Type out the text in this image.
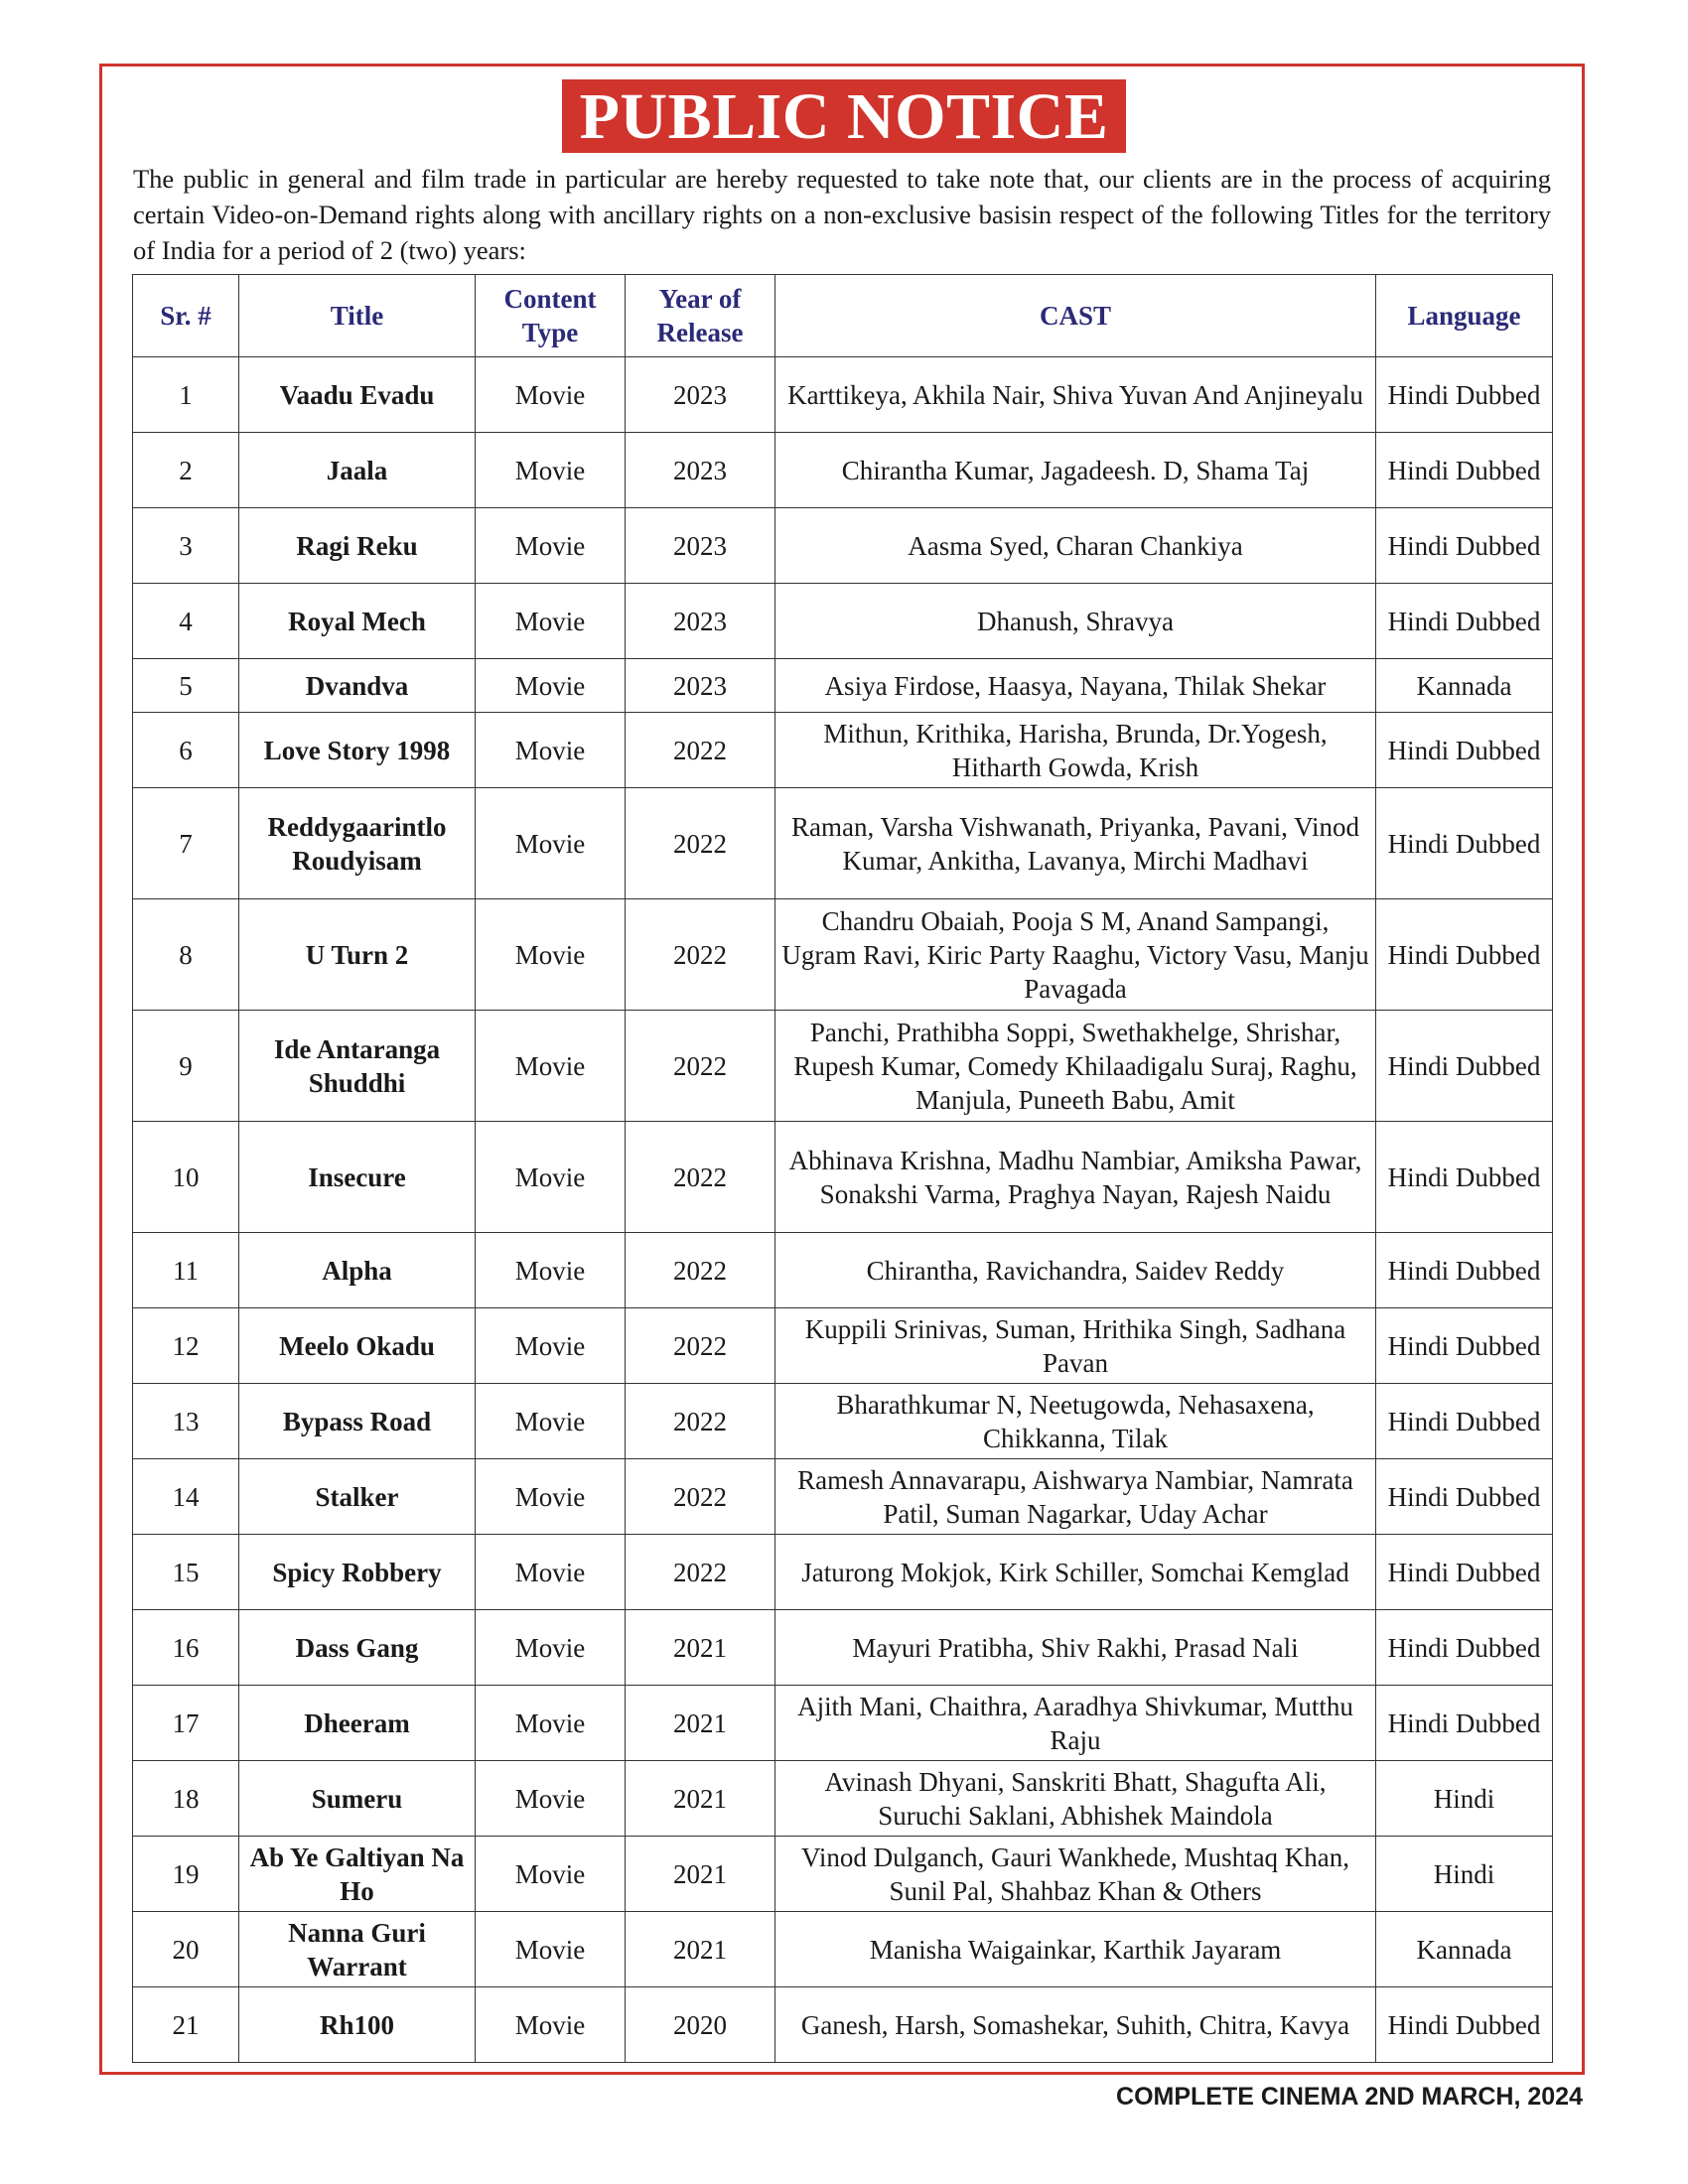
PUBLIC NOTICE

The public in general and film trade in particular are hereby requested to take note that, our clients are in the process of acquiring certain Video-on-Demand rights along with ancillary rights on a non-exclusive basisin respect of the following Titles for the territory of India for a period of 2 (two) years:

Sr. #	Title	Content Type	Year of Release	CAST	Language
1	Vaadu Evadu	Movie	2023	Karttikeya, Akhila Nair, Shiva Yuvan And Anjineyalu	Hindi Dubbed
2	Jaala	Movie	2023	Chirantha Kumar, Jagadeesh. D, Shama Taj	Hindi Dubbed
3	Ragi Reku	Movie	2023	Aasma Syed, Charan Chankiya	Hindi Dubbed
4	Royal Mech	Movie	2023	Dhanush, Shravya	Hindi Dubbed
5	Dvandva	Movie	2023	Asiya Firdose, Haasya, Nayana, Thilak Shekar	Kannada
6	Love Story 1998	Movie	2022	Mithun, Krithika, Harisha, Brunda, Dr.Yogesh, Hitharth Gowda, Krish	Hindi Dubbed
7	Reddygaarintlo Roudyisam	Movie	2022	Raman, Varsha Vishwanath, Priyanka, Pavani, Vinod Kumar, Ankitha, Lavanya, Mirchi Madhavi	Hindi Dubbed
8	U Turn 2	Movie	2022	Chandru Obaiah, Pooja S M, Anand Sampangi, Ugram Ravi, Kiric Party Raaghu, Victory Vasu, Manju Pavagada	Hindi Dubbed
9	Ide Antaranga Shuddhi	Movie	2022	Panchi, Prathibha Soppi, Swethakhelge, Shrishar, Rupesh Kumar, Comedy Khilaadigalu Suraj, Raghu, Manjula, Puneeth Babu, Amit	Hindi Dubbed
10	Insecure	Movie	2022	Abhinava Krishna, Madhu Nambiar, Amiksha Pawar, Sonakshi Varma, Praghya Nayan, Rajesh Naidu	Hindi Dubbed
11	Alpha	Movie	2022	Chirantha, Ravichandra, Saidev Reddy	Hindi Dubbed
12	Meelo Okadu	Movie	2022	Kuppili Srinivas, Suman, Hrithika Singh, Sadhana Pavan	Hindi Dubbed
13	Bypass Road	Movie	2022	Bharathkumar N, Neetugowda, Nehasaxena, Chikkanna, Tilak	Hindi Dubbed
14	Stalker	Movie	2022	Ramesh Annavarapu, Aishwarya Nambiar, Namrata Patil, Suman Nagarkar, Uday Achar	Hindi Dubbed
15	Spicy Robbery	Movie	2022	Jaturong Mokjok, Kirk Schiller, Somchai Kemglad	Hindi Dubbed
16	Dass Gang	Movie	2021	Mayuri Pratibha, Shiv Rakhi, Prasad Nali	Hindi Dubbed
17	Dheeram	Movie	2021	Ajith Mani, Chaithra, Aaradhya Shivkumar, Mutthu Raju	Hindi Dubbed
18	Sumeru	Movie	2021	Avinash Dhyani, Sanskriti Bhatt, Shagufta Ali, Suruchi Saklani, Abhishek Maindola	Hindi
19	Ab Ye Galtiyan Na Ho	Movie	2021	Vinod Dulganch, Gauri Wankhede, Mushtaq Khan, Sunil Pal, Shahbaz Khan & Others	Hindi
20	Nanna Guri Warrant	Movie	2021	Manisha Waigainkar, Karthik Jayaram	Kannada
21	Rh100	Movie	2020	Ganesh, Harsh, Somashekar, Suhith, Chitra, Kavya	Hindi Dubbed
COMPLETE CINEMA 2ND MARCH, 2024
